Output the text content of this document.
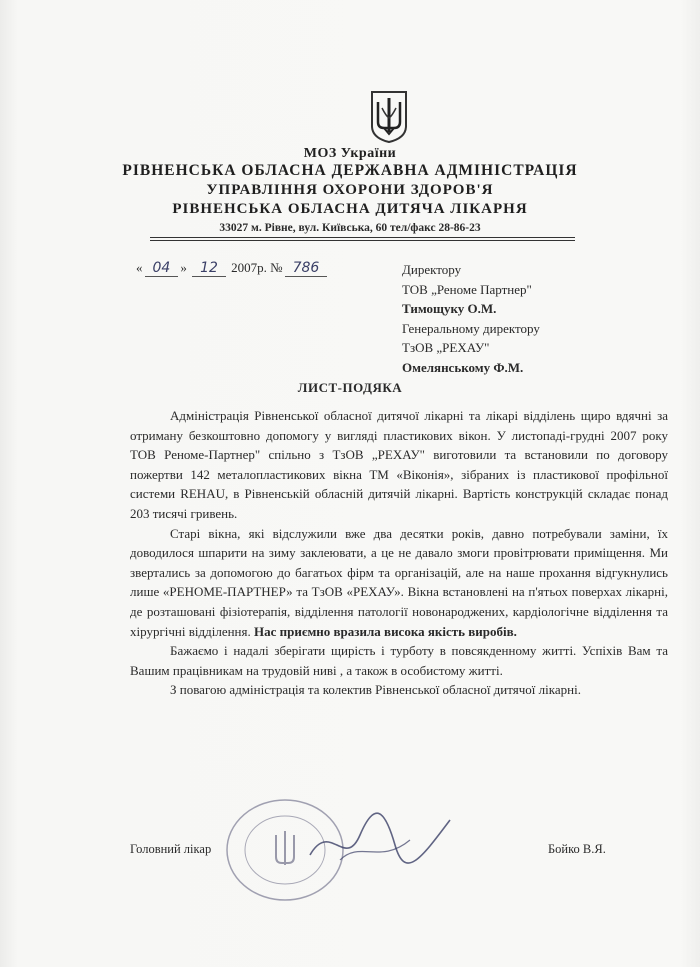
МОЗ України
РІВНЕНСЬКА ОБЛАСНА ДЕРЖАВНА АДМІНІСТРАЦІЯ
УПРАВЛІННЯ ОХОРОНИ ЗДОРОВ'Я
РІВНЕНСЬКА ОБЛАСНА ДИТЯЧА ЛІКАРНЯ
33027 м. Рівне, вул. Київська, 60 тел/факс 28-86-23
« 04 » 12 2007р. № 786	Директору
ТОВ „Реноме Партнер"
Тимощуку О.М.
Генеральному директору
ТзОВ „РЕХАУ"
Омелянському Ф.М.
ЛИСТ-ПОДЯКА

Адміністрація Рівненської обласної дитячої лікарні та лікарі відділень щиро вдячні за отриману безкоштовно допомогу у вигляді пластикових вікон. У листопаді-грудні 2007 року ТОВ Реноме-Партнер" спільно з ТзОВ „РЕХАУ" виготовили та встановили по договору пожертви 142 металопластикових вікна ТМ «Віконія», зібраних із пластикової профільної системи REHAU, в Рівненській обласній дитячій лікарні. Вартість конструкцій складає понад 203 тисячі гривень.

Старі вікна, які відслужили вже два десятки років, давно потребували заміни, їх доводилося шпарити на зиму заклеювати, а це не давало змоги провітрювати приміщення. Ми звертались за допомогою до багатьох фірм та організацій, але на наше прохання відгукнулись лише «РЕНОМЕ-ПАРТНЕР» та ТзОВ «РЕХАУ». Вікна встановлені на п'ятьох поверхах лікарні, де розташовані фізіотерапія, відділення патології новонароджених, кардіологічне відділення та хірургічні відділення. Нас приємно вразила висока якість виробів.

Бажаємо і надалі зберігати щирість і турботу в повсякденному житті. Успіхів Вам та Вашим працівникам на трудовій ниві , а також в особистому житті.

З повагою адміністрація та колектив Рівненської обласної дитячої лікарні.

Головний лікар	Бойко В.Я.
